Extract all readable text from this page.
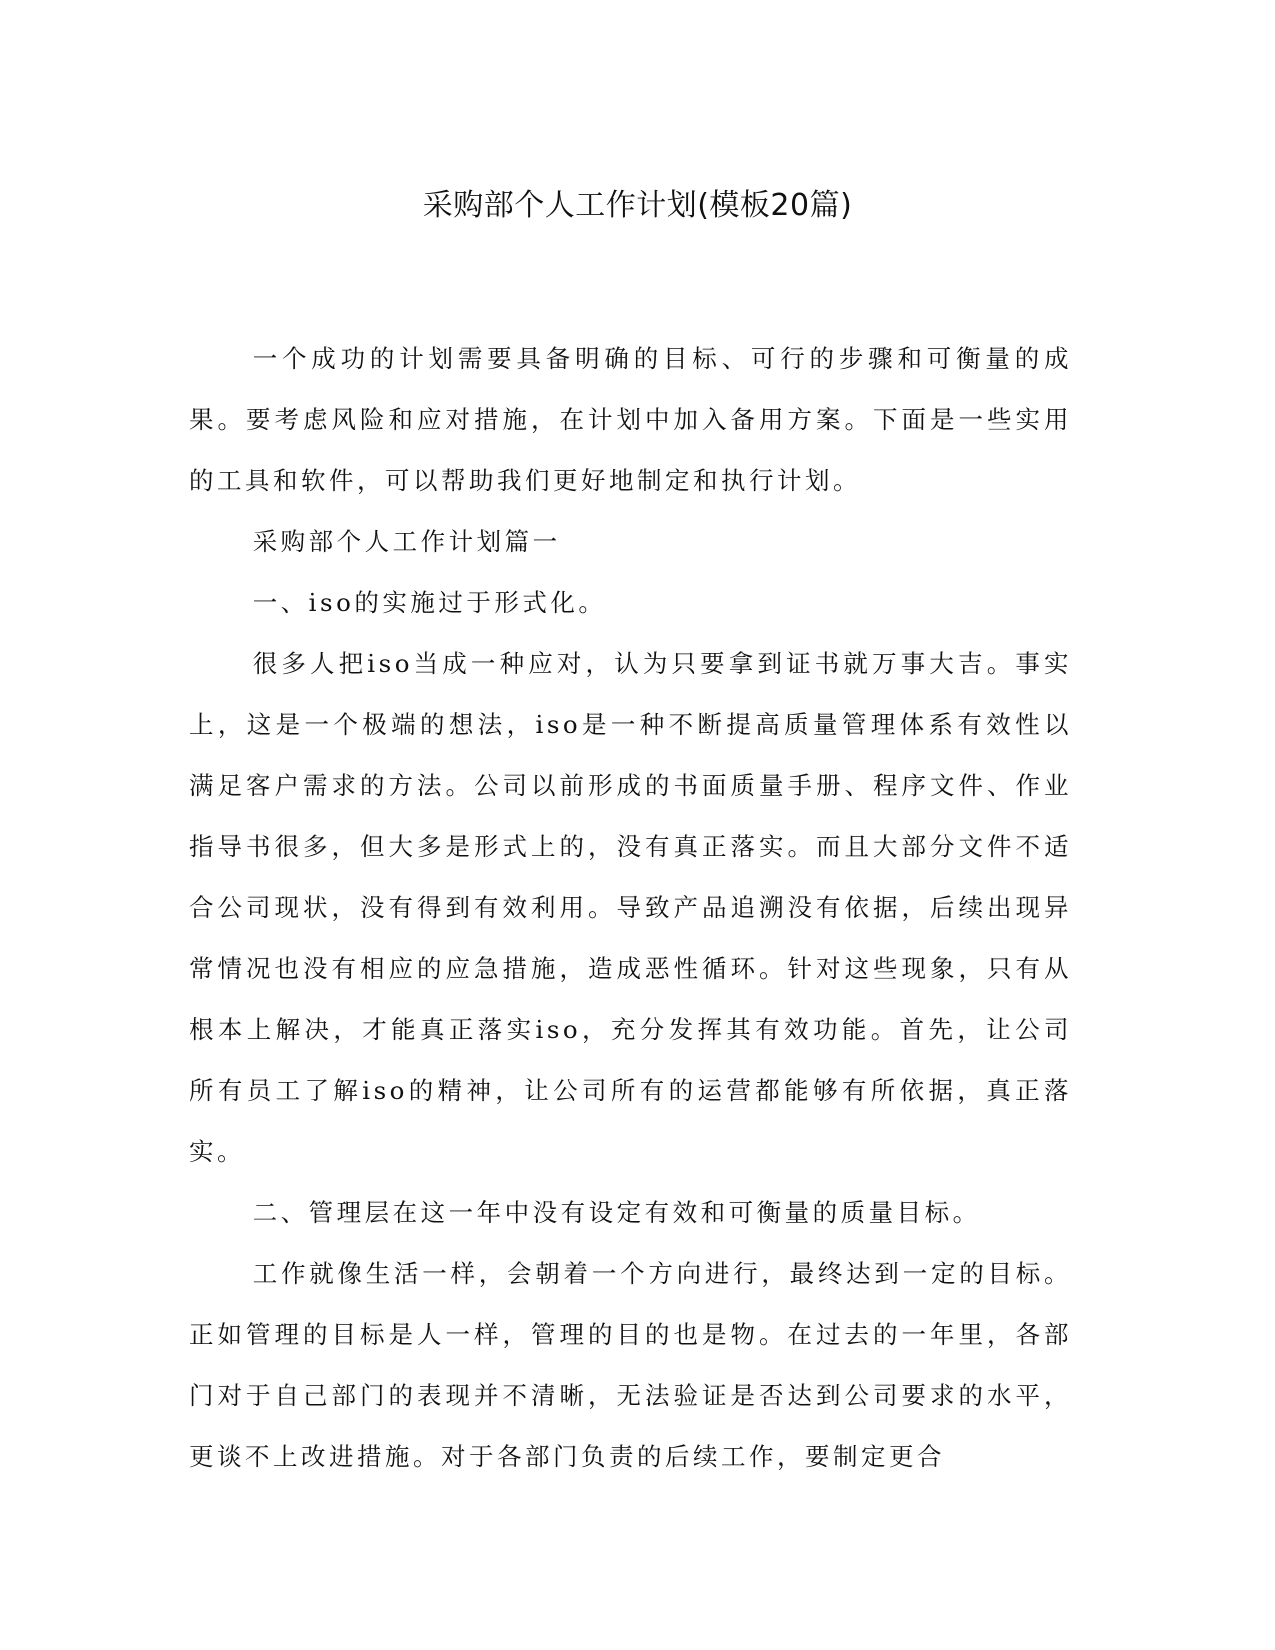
采购部个人工作计划(模板20篇)

一个成功的计划需要具备明确的目标、可行的步骤和可衡量的成果。要考虑风险和应对措施，在计划中加入备用方案。下面是一些实用的工具和软件，可以帮助我们更好地制定和执行计划。

采购部个人工作计划篇一

一、iso的实施过于形式化。

很多人把iso当成一种应对，认为只要拿到证书就万事大吉。事实上，这是一个极端的想法，iso是一种不断提高质量管理体系有效性以满足客户需求的方法。公司以前形成的书面质量手册、程序文件、作业指导书很多，但大多是形式上的，没有真正落实。而且大部分文件不适合公司现状，没有得到有效利用。导致产品追溯没有依据，后续出现异常情况也没有相应的应急措施，造成恶性循环。针对这些现象，只有从根本上解决，才能真正落实iso，充分发挥其有效功能。首先，让公司所有员工了解iso的精神，让公司所有的运营都能够有所依据，真正落实。

二、管理层在这一年中没有设定有效和可衡量的质量目标。

工作就像生活一样，会朝着一个方向进行，最终达到一定的目标。正如管理的目标是人一样，管理的目的也是物。在过去的一年里，各部门对于自己部门的表现并不清晰，无法验证是否达到公司要求的水平，更谈不上改进措施。对于各部门负责的后续工作，要制定更合
